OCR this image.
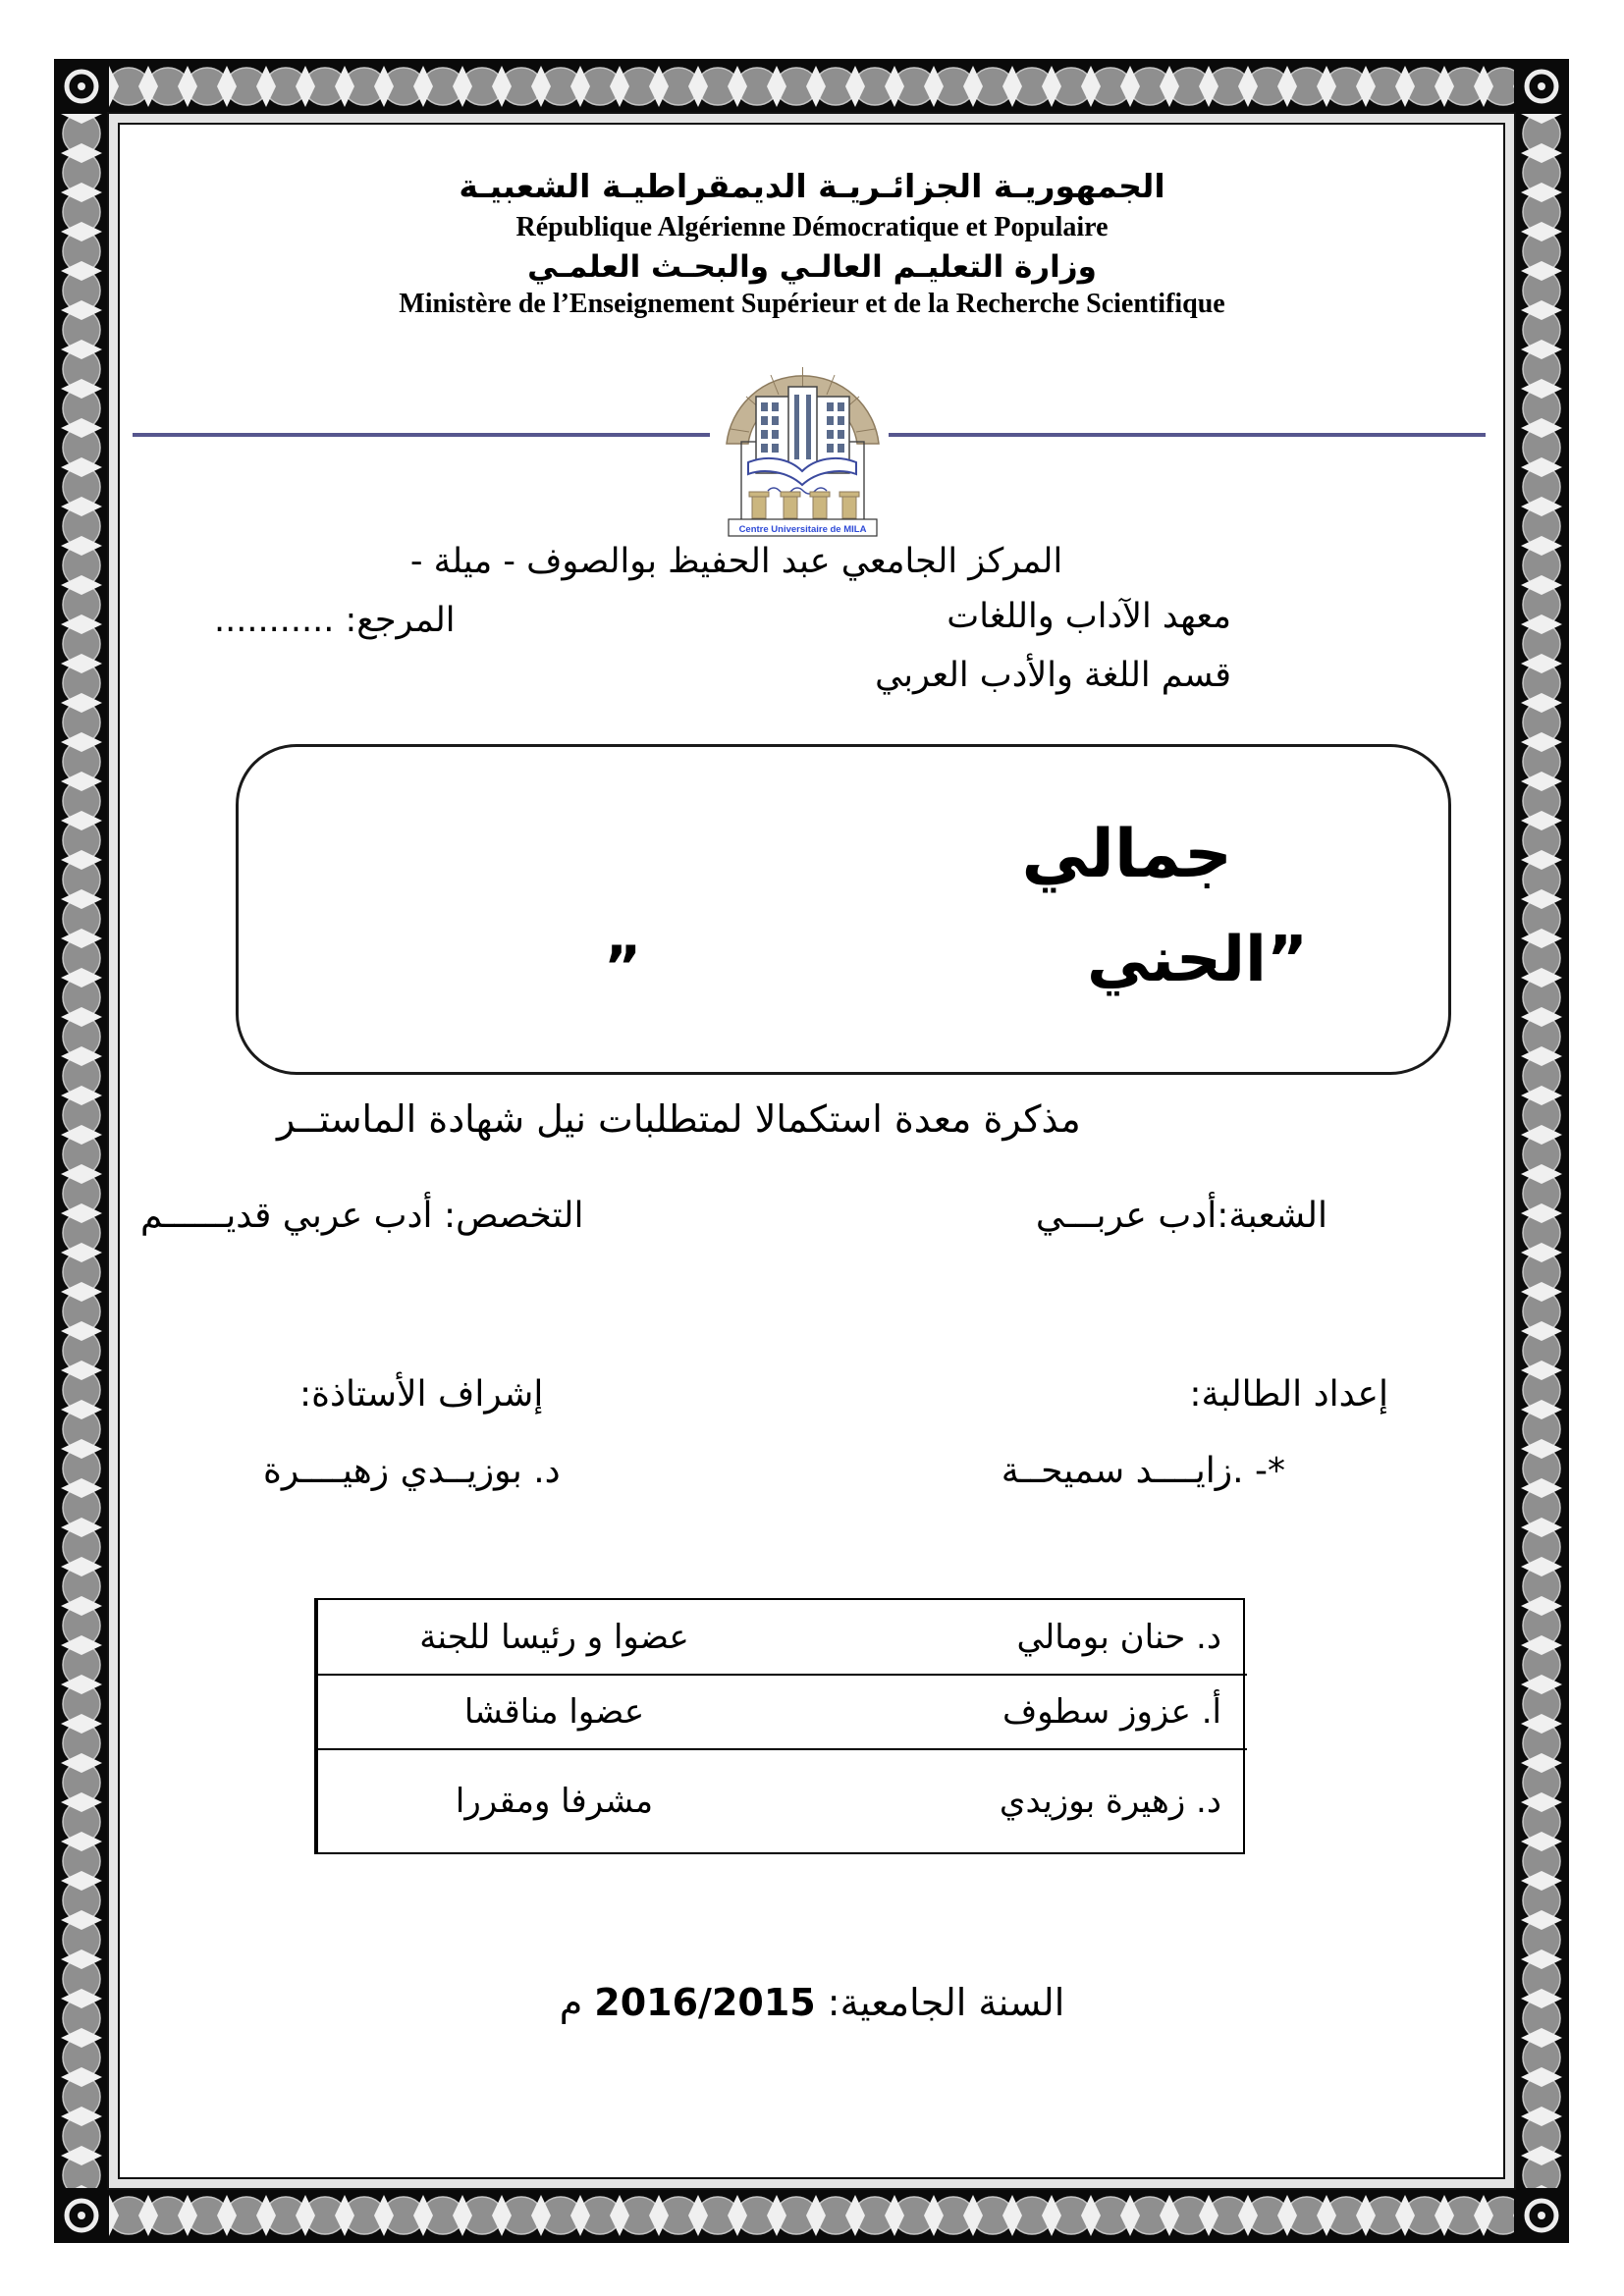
الجمهوريـة الجزائـريـة الديمقراطيـة الشعبيـة
République Algérienne Démocratique et Populaire
وزارة التعليـم العالـي والبحـث العلمـي
Ministère de l’Enseignement Supérieur et de la Recherche Scientifique
Centre Universitaire de MILA
المركز الجامعي عبد الحفيظ بوالصوف - ميلة -
معهد الآداب واللغات
المرجع: ...........
قسم اللغة والأدب العربي
جمالي
”الحني
”
مذكرة معدة استكمالا لمتطلبات نيل شهادة الماستــر
الشعبة:أدب عربـــي
التخصص: أدب عربي قديــــــم
إعداد الطالبة:
*- .زايــــد سميحــة
إشراف الأستاذة:
د. بوزيــدي زهيــــرة
عضوا و رئيسا للجنة	د. حنان بومالي
عضوا مناقشا	أ. عزوز سطوف
مشرفا ومقررا	د. زهيرة بوزيدي
السنة الجامعية: 2016/2015 م
